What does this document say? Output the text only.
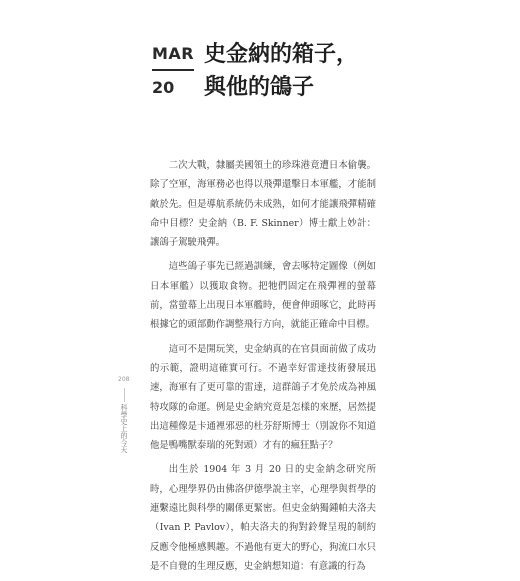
MAR
20
史金納的箱子，
與他的鴿子

二次大戰，隸屬美國領土的珍珠港竟遭日本偷襲。除了空軍，海軍務必也得以飛彈還擊日本軍艦，才能制敵於先。但是導航系統仍未成熟，如何才能讓飛彈精確命中目標？史金納（B. F. Skinner）博士獻上妙計：讓鴿子駕駛飛彈。

這些鴿子事先已經過訓練，會去啄特定圖像（例如日本軍艦）以獲取食物。把牠們固定在飛彈裡的螢幕前，當螢幕上出現日本軍艦時，便會伸頭啄它，此時再根據它的頭部動作調整飛行方向，就能正確命中目標。

這可不是開玩笑，史金納真的在官員面前做了成功的示範，證明這確實可行。不過幸好雷達技術發展迅速，海軍有了更可靠的雷達，這群鴿子才免於成為神風特攻隊的命運。例是史金納究竟是怎樣的來歷，居然提出這種像是卡通裡邪惡的杜芬舒斯博士（別說你不知道他是鴨嘴獸泰瑞的死對頭）才有的瘋狂點子？

出生於 1904 年 3 月 20 日的史金納念研究所時，心理學界仍由佛洛伊德學說主宰，心理學與哲學的連繫遠比與科學的關係更緊密。但史金納獨鍾帕夫洛夫（Ivan P. Pavlov），帕夫洛夫的狗對鈴聲呈現的制約反應令他極感興趣。不過他有更大的野心，狗流口水只是不自覺的生理反應，史金納想知道：有意識的行為

208
科學史上的今天
